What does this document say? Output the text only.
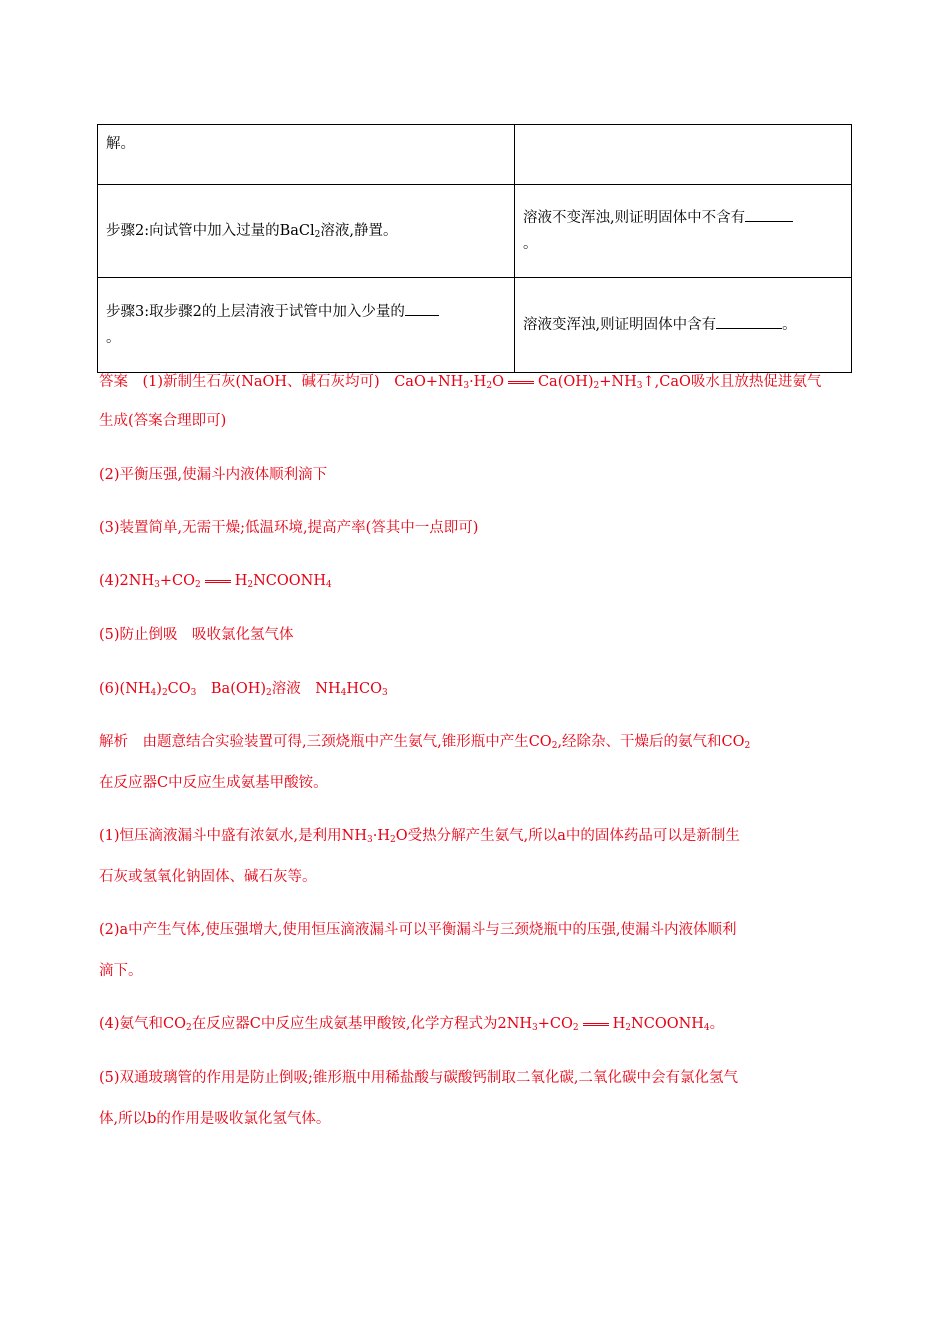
解。	
步骤2:向试管中加入过量的BaCl$_2$溶液,静置。	溶液不变浑浊,则证明固体中不含有
。
步骤3:取步骤2的上层清液于试管中加入少量的
。	溶液变浑浊,则证明固体中含有 。
答案　(1)新制生石灰(NaOH、碱石灰均可)　$CaO+NH_3\cdot H_2O$ $Ca(OH)_2+NH_3↑,CaO$吸水且放热促进氨气
生成(答案合理即可)
(2)平衡压强,使漏斗内液体顺利滴下
(3)装置简单,无需干燥;低温环境,提高产率(答其中一点即可)
$(4)2NH_3+CO_2$ $H_2NCOONH_4$
(5)防止倒吸　吸收氯化氢气体
$(6)(NH_4)_2CO_3$　$Ba(OH)_2$溶液　$NH_4HCO_3$
解析　由题意结合实验装置可得,三颈烧瓶中产生氨气,锥形瓶中产生$CO_2$,经除杂、干燥后的氨气和$CO_2$
在反应器C中反应生成氨基甲酸铵。
(1)恒压滴液漏斗中盛有浓氨水,是利用$NH_3\cdot H_2O$受热分解产生氨气,所以a中的固体药品可以是新制生
石灰或氢氧化钠固体、碱石灰等。
(2)a中产生气体,使压强增大,使用恒压滴液漏斗可以平衡漏斗与三颈烧瓶中的压强,使漏斗内液体顺利
滴下。
(4)氨气和$CO_2$在反应器C中反应生成氨基甲酸铵,化学方程式为$2NH_3+CO_2$ $H_2NCOONH_4$。
(5)双通玻璃管的作用是防止倒吸;锥形瓶中用稀盐酸与碳酸钙制取二氧化碳,二氧化碳中会有氯化氢气
体,所以b的作用是吸收氯化氢气体。
